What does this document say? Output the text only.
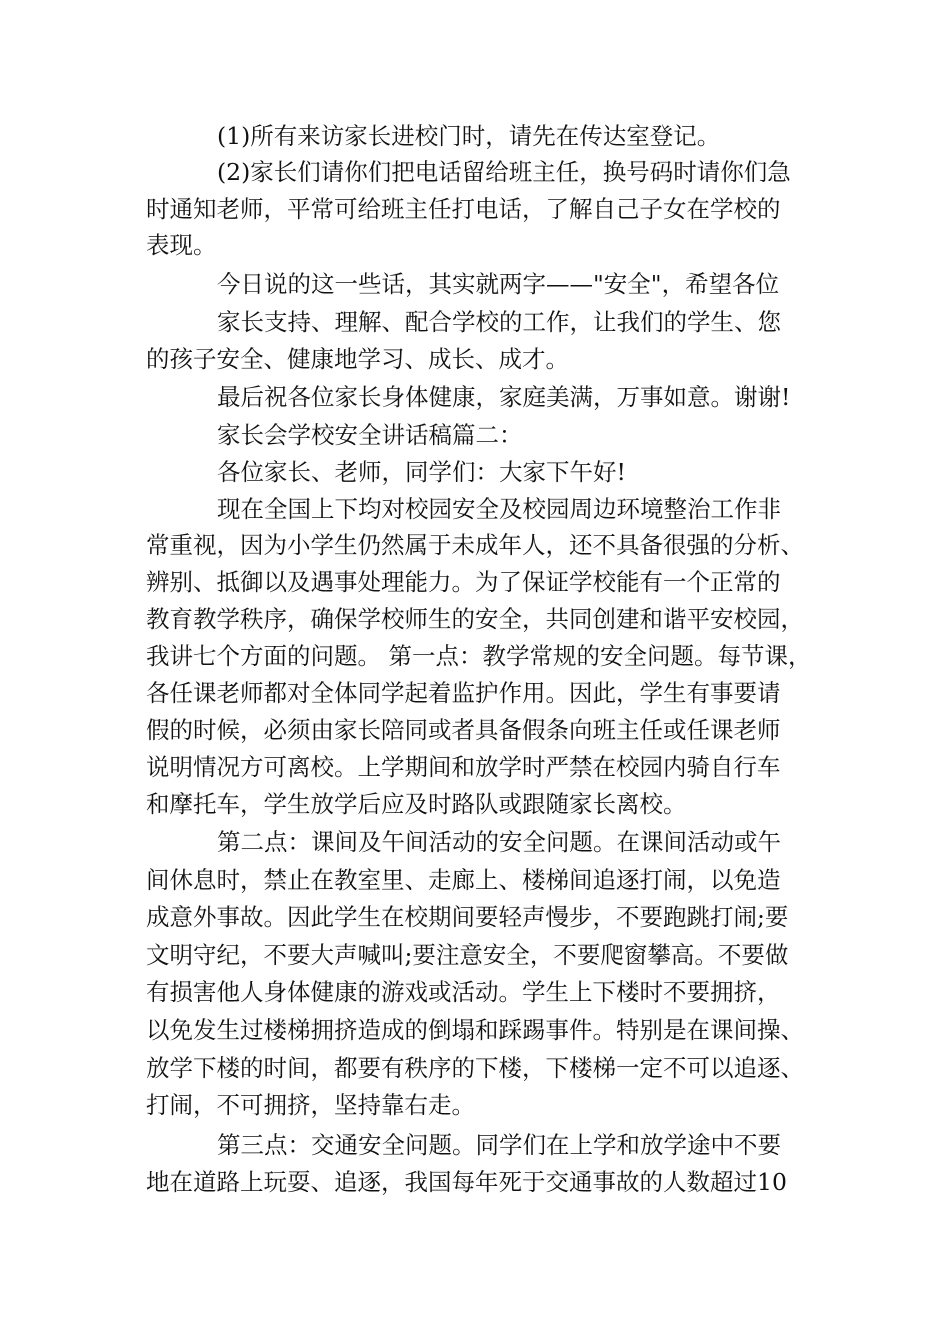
(1)所有来访家长进校门时，请先在传达室登记。
(2)家长们请你们把电话留给班主任，换号码时请你们急
时通知老师，平常可给班主任打电话，了解自己子女在学校的
表现。
今日说的这一些话，其实就两字——"安全"，希望各位
家长支持、理解、配合学校的工作，让我们的学生、您
的孩子安全、健康地学习、成长、成才。
最后祝各位家长身体健康，家庭美满，万事如意。谢谢!
家长会学校安全讲话稿篇二：
各位家长、老师，同学们：大家下午好!
现在全国上下均对校园安全及校园周边环境整治工作非
常重视，因为小学生仍然属于未成年人，还不具备很强的分析、
辨别、抵御以及遇事处理能力。为了保证学校能有一个正常的
教育教学秩序，确保学校师生的安全，共同创建和谐平安校园，
我讲七个方面的问题。 第一点：教学常规的安全问题。每节课，
各任课老师都对全体同学起着监护作用。因此，学生有事要请
假的时候，必须由家长陪同或者具备假条向班主任或任课老师
说明情况方可离校。上学期间和放学时严禁在校园内骑自行车
和摩托车，学生放学后应及时路队或跟随家长离校。
第二点：课间及午间活动的安全问题。在课间活动或午
间休息时，禁止在教室里、走廊上、楼梯间追逐打闹，以免造
成意外事故。因此学生在校期间要轻声慢步，不要跑跳打闹;要
文明守纪，不要大声喊叫;要注意安全，不要爬窗攀高。不要做
有损害他人身体健康的游戏或活动。学生上下楼时不要拥挤，
以免发生过楼梯拥挤造成的倒塌和踩踢事件。特别是在课间操、
放学下楼的时间，都要有秩序的下楼，下楼梯一定不可以追逐、
打闹，不可拥挤，坚持靠右走。
第三点：交通安全问题。同学们在上学和放学途中不要
地在道路上玩耍、追逐，我国每年死于交通事故的人数超过10
